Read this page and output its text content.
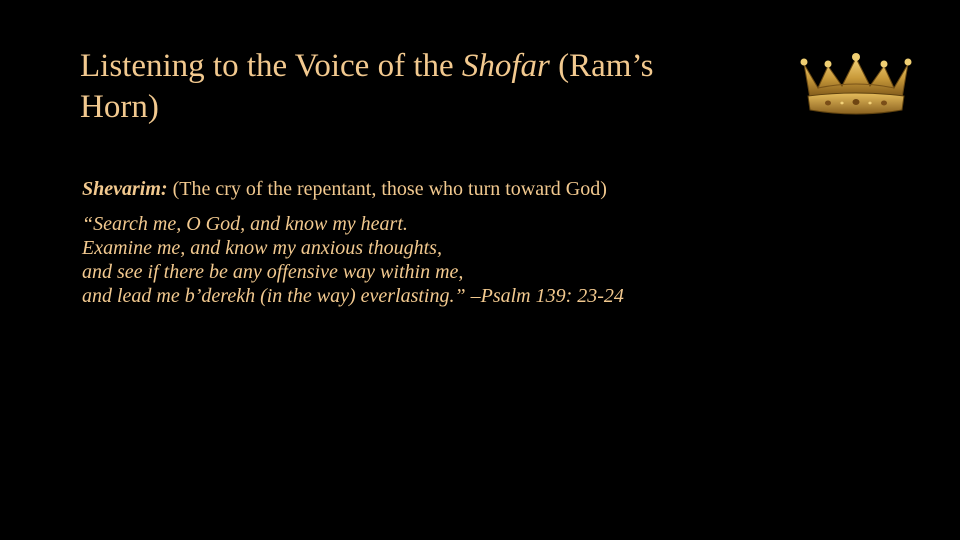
Listening to the Voice of the Shofar (Ram’s Horn)

Shevarim: (The cry of the repentant, those who turn toward God)

“Search me, O God, and know my heart.
Examine me, and know my anxious thoughts,
and see if there be any offensive way within me,
and lead me b’derekh (in the way) everlasting.” –Psalm 139: 23-24
